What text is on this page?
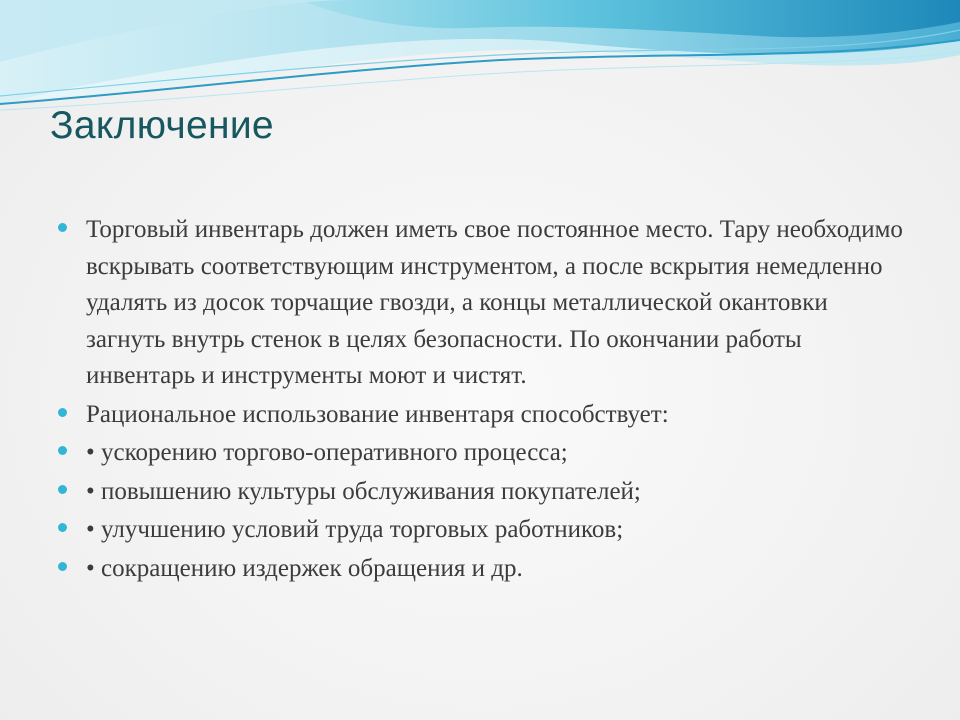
Заключение
Торговый инвентарь должен иметь свое постоянное место. Тару необходимо вскрывать соответствующим инструментом, а после вскрытия немедленно удалять из досок торчащие гвозди, а концы металлической окантовки загнуть внутрь стенок в целях безопасности. По окончании работы инвентарь и инструменты моют и чистят.
Рациональное использование инвентаря способствует:
• ускорению торгово-оперативного процесса;
• повышению культуры обслуживания покупателей;
• улучшению условий труда торговых работников;
• сокращению издержек обращения и др.
